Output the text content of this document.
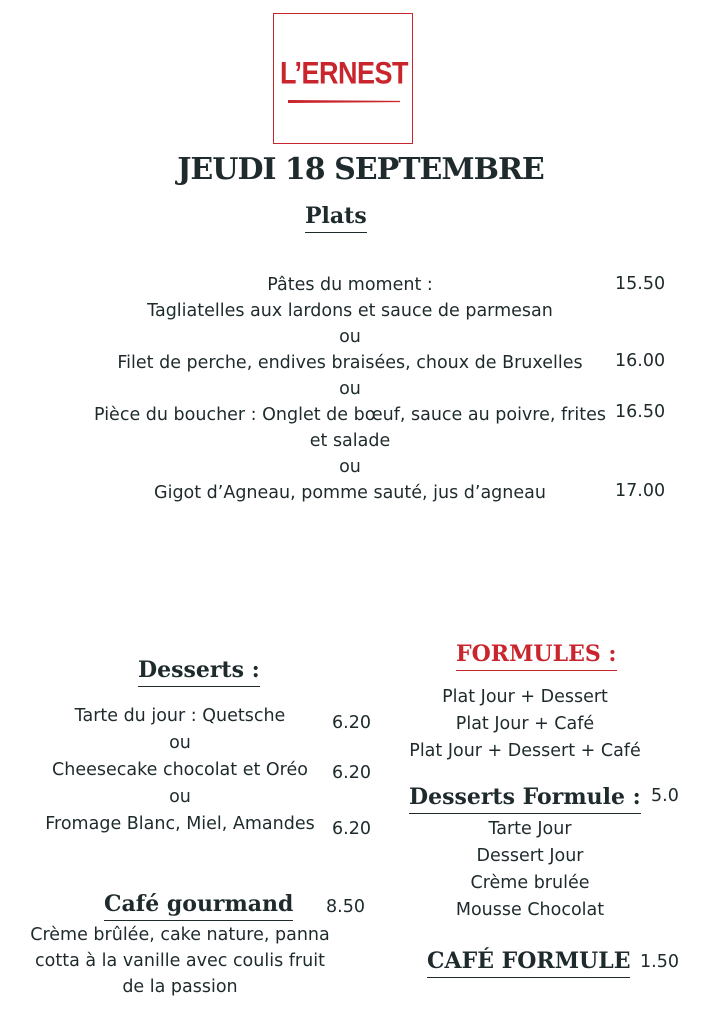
L’ERNEST
JEUDI 18 SEPTEMBRE
Plats
Pâtes du moment :
Tagliatelles aux lardons et sauce de parmesan
ou
Filet de perche, endives braisées, choux de Bruxelles
ou
Pièce du boucher : Onglet de bœuf, sauce au poivre, frites
et salade
ou
Gigot d’Agneau, pomme sauté, jus d’agneau
15.50
16.00
16.50
17.00
Desserts :
Tarte du jour : Quetsche
ou
Cheesecake chocolat et Oréo
ou
Fromage Blanc, Miel, Amandes
6.20
6.20
6.20
Café gourmand 8.50
Crème brûlée, cake nature, panna
cotta à la vanille avec coulis fruit
de la passion
FORMULES :
Plat Jour + Dessert
Plat Jour + Café
Plat Jour + Dessert + Café
Desserts Formule : 5.0
Tarte Jour
Dessert Jour
Crème brulée
Mousse Chocolat
CAFÉ FORMULE 1.50
